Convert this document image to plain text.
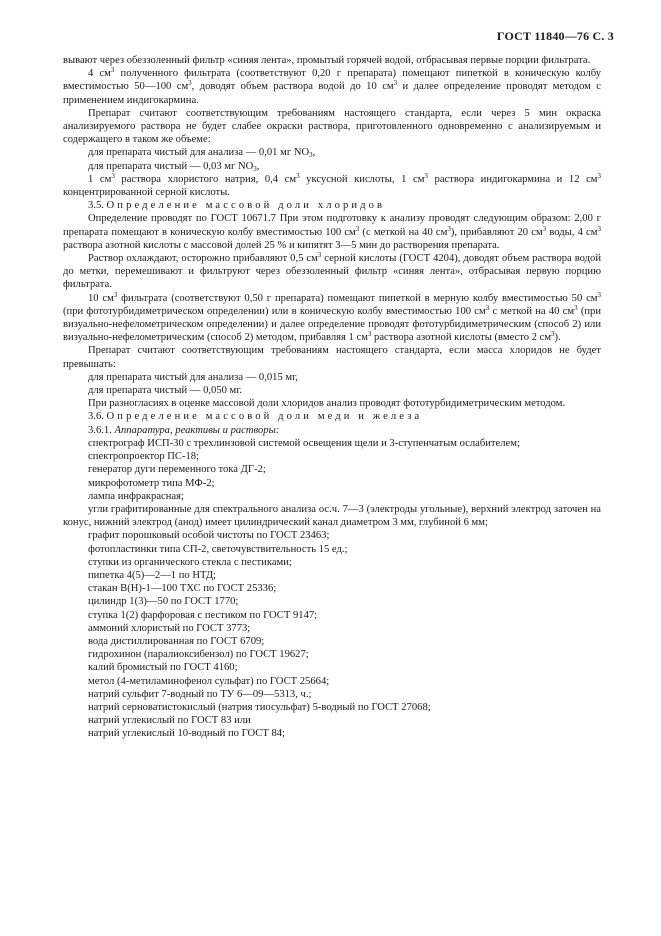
ГОСТ 11840—76 С. 3

вывают через обеззоленный фильтр «синяя лента», промытый горячей водой, отбрасывая первые порции фильтрата.

4 $см^3$ полученного фильтрата (соответствуют 0,20 г препарата) помещают пипеткой в коническую колбу вместимостью 50—100 $см^3$, доводят объем раствора водой до 10 $см^3$ и далее определение проводят методом с применением индигокармина.

Препарат считают соответствующим требованиям настоящего стандарта, если через 5 мин окраска анализируемого раствора не будет слабее окраски раствора, приготовленного одновременно с анализируемым и содержащего в таком же объеме:

для препарата чистый для анализа — 0,01 мг $NO_3$,

для препарата чистый — 0,03 мг $NO_3$,

1 $см^3$ раствора хлористого натрия, 0,4 $см^3$ уксусной кислоты, 1 $см^3$ раствора индигокармина и 12 $см^3$ концентрированной серной кислоты.

3.5. Определение массовой доли хлоридов

Определение проводят по ГОСТ 10671.7 При этом подготовку к анализу проводят следующим образом: 2,00 г препарата помещают в коническую колбу вместимостью 100 $см^3$ (с меткой на 40 $см^3$), прибавляют 20 $см^3$ воды, 4 $см^3$ раствора азотной кислоты с массовой долей 25 % и кипятят 3—5 мин до растворения препарата.

Раствор охлаждают, осторожно прибавляют 0,5 $см^3$ серной кислоты (ГОСТ 4204), доводят объем раствора водой до метки, перемешивают и фильтруют через обеззоленный фильтр «синяя лента», отбрасывая первую порцию фильтрата.

10 $см^3$ фильтрата (соответствуют 0,50 г препарата) помещают пипеткой в мерную колбу вместимостью 50 $см^3$ (при фототурбидиметрическом определении) или в коническую колбу вместимостью 100 $см^3$ с меткой на 40 $см^3$ (при визуально-нефелометрическом определении) и далее определение проводят фототурбидиметрическим (способ 2) или визуально-нефелометрическим (способ 2) методом, прибавляя 1 $см^3$ раствора азотной кислоты (вместо 2 $см^3$).

Препарат считают соответствующим требованиям настоящего стандарта, если масса хлоридов не будет превышать:

для препарата чистый для анализа — 0,015 мг,

для препарата чистый — 0,050 мг.

При разногласиях в оценке массовой доли хлоридов анализ проводят фототурбидиметрическим методом.

3.6. Определение массовой доли меди и железа

3.6.1. Аппаратура, реактивы и растворы:

спектрограф ИСП-30 с трехлинзовой системой освещения щели и 3-ступенчатым ослабителем;

спектропроектор ПС-18;

генератор дуги переменного тока ДГ-2;

микрофотометр типа МФ-2;

лампа инфракрасная;

угли графитированные для спектрального анализа ос.ч. 7—3 (электроды угольные), верхний электрод заточен на конус, нижний электрод (анод) имеет цилиндрический канал диаметром 3 мм, глубиной 6 мм;

графит порошковый особой чистоты по ГОСТ 23463;

фотопластинки типа СП-2, светочувствительность 15 ед.;

ступки из органического стекла с пестиками;

пипетка 4(5)—2—1 по НТД;

стакан В(Н)-1—100 ТХС по ГОСТ 25336;

цилиндр 1(3)—50 по ГОСТ 1770;

ступка 1(2) фарфоровая с пестиком по ГОСТ 9147;

аммоний хлористый по ГОСТ 3773;

вода дистиллированная по ГОСТ 6709;

гидрохинон (паралиоксибензол) по ГОСТ 19627;

калий бромистый по ГОСТ 4160;

метол (4-метиламинофенол сульфат) по ГОСТ 25664;

натрий сульфит 7-водный по ТУ 6—09—5313, ч.;

натрий серноватистокислый (натрия тиосульфат) 5-водный по ГОСТ 27068;

натрий углекислый по ГОСТ 83 или

натрий углекислый 10-водный по ГОСТ 84;
